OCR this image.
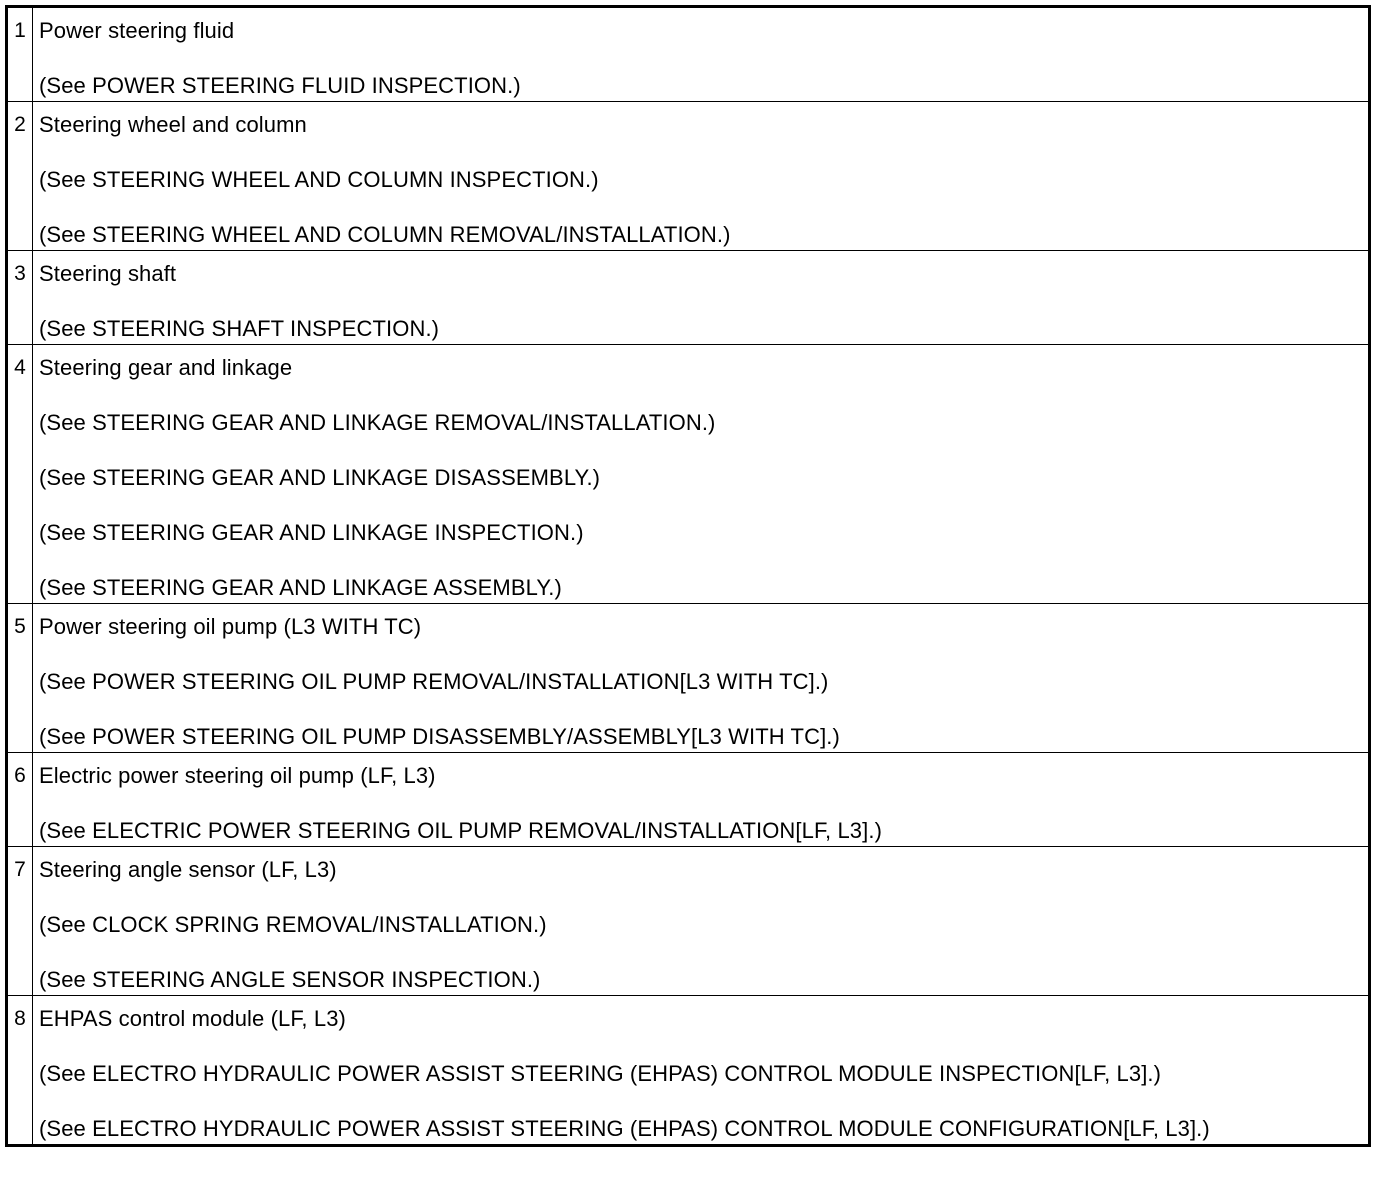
1	Power steering fluid
(See POWER STEERING FLUID INSPECTION.)

2	Steering wheel and column
(See STEERING WHEEL AND COLUMN INSPECTION.)
(See STEERING WHEEL AND COLUMN REMOVAL/INSTALLATION.)

3	Steering shaft
(See STEERING SHAFT INSPECTION.)

4	Steering gear and linkage
(See STEERING GEAR AND LINKAGE REMOVAL/INSTALLATION.)
(See STEERING GEAR AND LINKAGE DISASSEMBLY.)
(See STEERING GEAR AND LINKAGE INSPECTION.)
(See STEERING GEAR AND LINKAGE ASSEMBLY.)

5	Power steering oil pump (L3 WITH TC)
(See POWER STEERING OIL PUMP REMOVAL/INSTALLATION[L3 WITH TC].)
(See POWER STEERING OIL PUMP DISASSEMBLY/ASSEMBLY[L3 WITH TC].)

6	Electric power steering oil pump (LF, L3)
(See ELECTRIC POWER STEERING OIL PUMP REMOVAL/INSTALLATION[LF, L3].)

7	Steering angle sensor (LF, L3)
(See CLOCK SPRING REMOVAL/INSTALLATION.)
(See STEERING ANGLE SENSOR INSPECTION.)

8	EHPAS control module (LF, L3)
(See ELECTRO HYDRAULIC POWER ASSIST STEERING (EHPAS) CONTROL MODULE INSPECTION[LF, L3].)
(See ELECTRO HYDRAULIC POWER ASSIST STEERING (EHPAS) CONTROL MODULE CONFIGURATION[LF, L3].)
